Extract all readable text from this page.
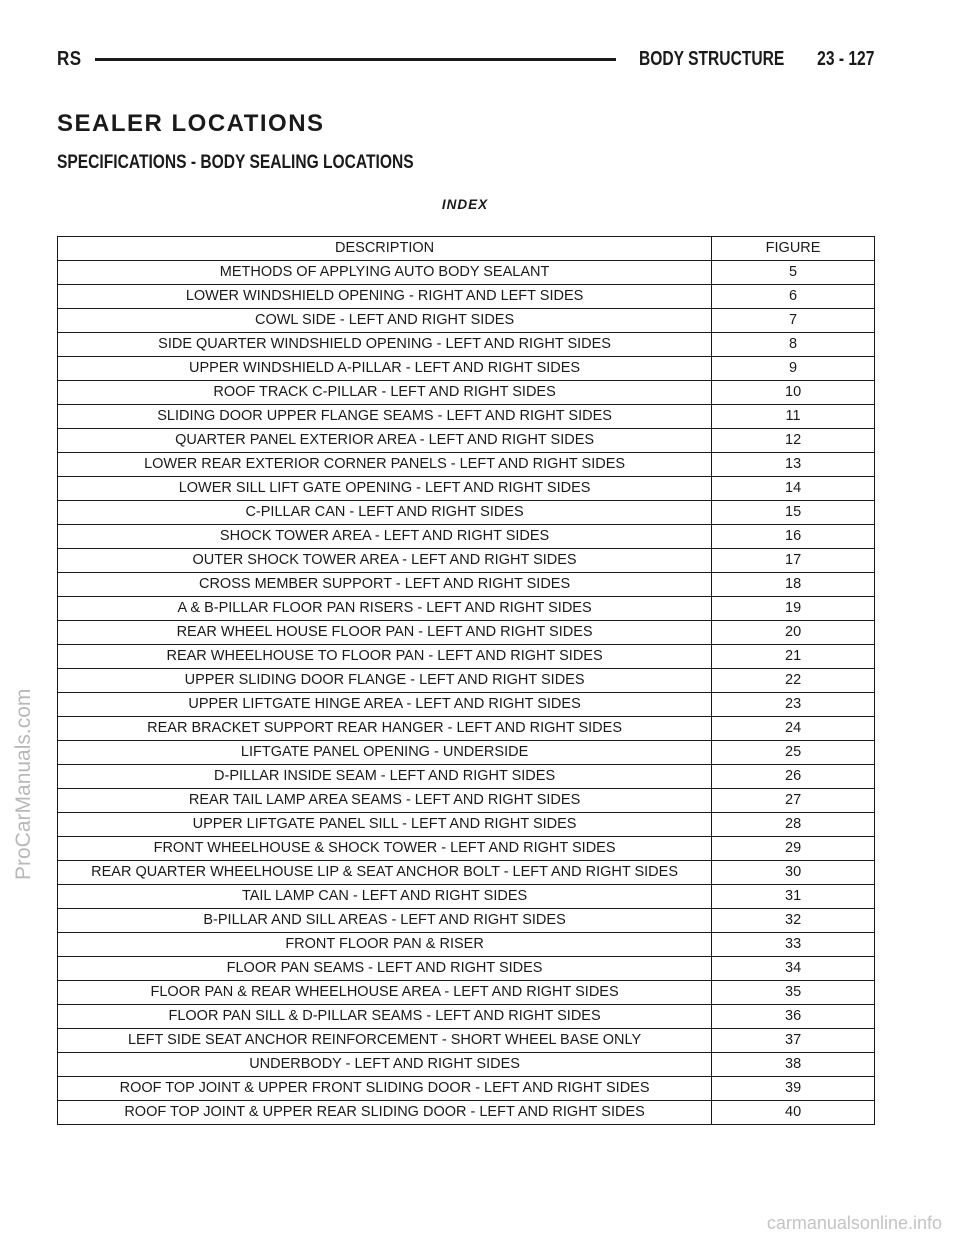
RS	BODY STRUCTURE 23 - 127
SEALER LOCATIONS
SPECIFICATIONS - BODY SEALING LOCATIONS
INDEX
DESCRIPTION	FIGURE
METHODS OF APPLYING AUTO BODY SEALANT	5
LOWER WINDSHIELD OPENING - RIGHT AND LEFT SIDES	6
COWL SIDE - LEFT AND RIGHT SIDES	7
SIDE QUARTER WINDSHIELD OPENING - LEFT AND RIGHT SIDES	8
UPPER WINDSHIELD A-PILLAR - LEFT AND RIGHT SIDES	9
ROOF TRACK C-PILLAR - LEFT AND RIGHT SIDES	10
SLIDING DOOR UPPER FLANGE SEAMS - LEFT AND RIGHT SIDES	11
QUARTER PANEL EXTERIOR AREA - LEFT AND RIGHT SIDES	12
LOWER REAR EXTERIOR CORNER PANELS - LEFT AND RIGHT SIDES	13
LOWER SILL LIFT GATE OPENING - LEFT AND RIGHT SIDES	14
C-PILLAR CAN - LEFT AND RIGHT SIDES	15
SHOCK TOWER AREA - LEFT AND RIGHT SIDES	16
OUTER SHOCK TOWER AREA - LEFT AND RIGHT SIDES	17
CROSS MEMBER SUPPORT - LEFT AND RIGHT SIDES	18
A & B-PILLAR FLOOR PAN RISERS - LEFT AND RIGHT SIDES	19
REAR WHEEL HOUSE FLOOR PAN - LEFT AND RIGHT SIDES	20
REAR WHEELHOUSE TO FLOOR PAN - LEFT AND RIGHT SIDES	21
UPPER SLIDING DOOR FLANGE - LEFT AND RIGHT SIDES	22
UPPER LIFTGATE HINGE AREA - LEFT AND RIGHT SIDES	23
REAR BRACKET SUPPORT REAR HANGER - LEFT AND RIGHT SIDES	24
LIFTGATE PANEL OPENING - UNDERSIDE	25
D-PILLAR INSIDE SEAM - LEFT AND RIGHT SIDES	26
REAR TAIL LAMP AREA SEAMS - LEFT AND RIGHT SIDES	27
UPPER LIFTGATE PANEL SILL - LEFT AND RIGHT SIDES	28
FRONT WHEELHOUSE & SHOCK TOWER - LEFT AND RIGHT SIDES	29
REAR QUARTER WHEELHOUSE LIP & SEAT ANCHOR BOLT - LEFT AND RIGHT SIDES	30
TAIL LAMP CAN - LEFT AND RIGHT SIDES	31
B-PILLAR AND SILL AREAS - LEFT AND RIGHT SIDES	32
FRONT FLOOR PAN & RISER	33
FLOOR PAN SEAMS - LEFT AND RIGHT SIDES	34
FLOOR PAN & REAR WHEELHOUSE AREA - LEFT AND RIGHT SIDES	35
FLOOR PAN SILL & D-PILLAR SEAMS - LEFT AND RIGHT SIDES	36
LEFT SIDE SEAT ANCHOR REINFORCEMENT - SHORT WHEEL BASE ONLY	37
UNDERBODY - LEFT AND RIGHT SIDES	38
ROOF TOP JOINT & UPPER FRONT SLIDING DOOR - LEFT AND RIGHT SIDES	39
ROOF TOP JOINT & UPPER REAR SLIDING DOOR - LEFT AND RIGHT SIDES	40
ProCarManuals.com
carmanualsonline.info
